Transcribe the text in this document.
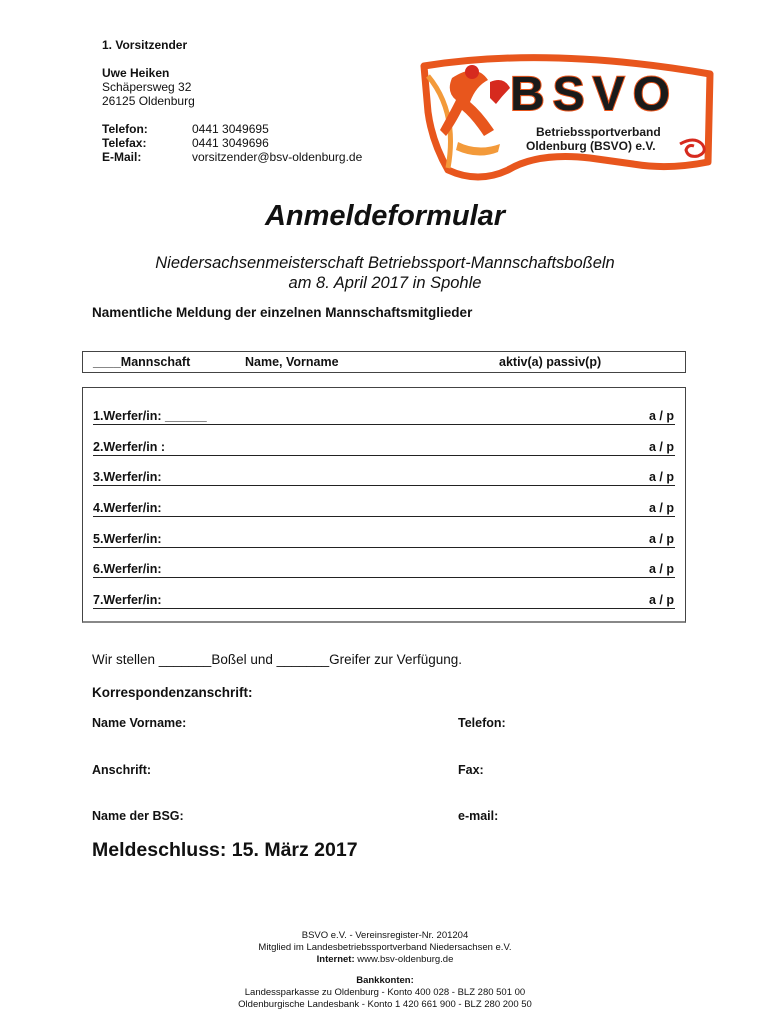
1. Vorsitzender
Uwe Heiken
Schäpersweg 32
26125 Oldenburg
Telefon:	0441 3049695
Telefax:	0441 3049696
E-Mail:	vorsitzender@bsv-oldenburg.de
BSVO
Betriebssportverband
Oldenburg (BSVO) e.V.
Anmeldeformular
Niedersachsenmeisterschaft Betriebssport-Mannschaftsboßeln
am 8. April 2017 in Spohle
Namentliche Meldung der einzelnen Mannschaftsmitglieder
____Mannschaft	Name, Vorname	aktiv(a) passiv(p)
1.Werfer/in: ______	a / p
2.Werfer/in :	a / p
3.Werfer/in:	a / p
4.Werfer/in:	a / p
5.Werfer/in:	a / p
6.Werfer/in:	a / p
7.Werfer/in:	a / p
Wir stellen _______Boßel und _______Greifer zur Verfügung.
Korrespondenzanschrift:
Name Vorname:	Telefon:
Anschrift:	Fax:
Name der BSG:	e-mail:
Meldeschluss: 15. März 2017
BSVO e.V. - Vereinsregister-Nr. 201204
Mitglied im Landesbetriebssportverband Niedersachsen e.V.
Internet: www.bsv-oldenburg.de
Bankkonten:
Landessparkasse zu Oldenburg - Konto 400 028 - BLZ 280 501 00
Oldenburgische Landesbank - Konto 1 420 661 900 - BLZ 280 200 50
